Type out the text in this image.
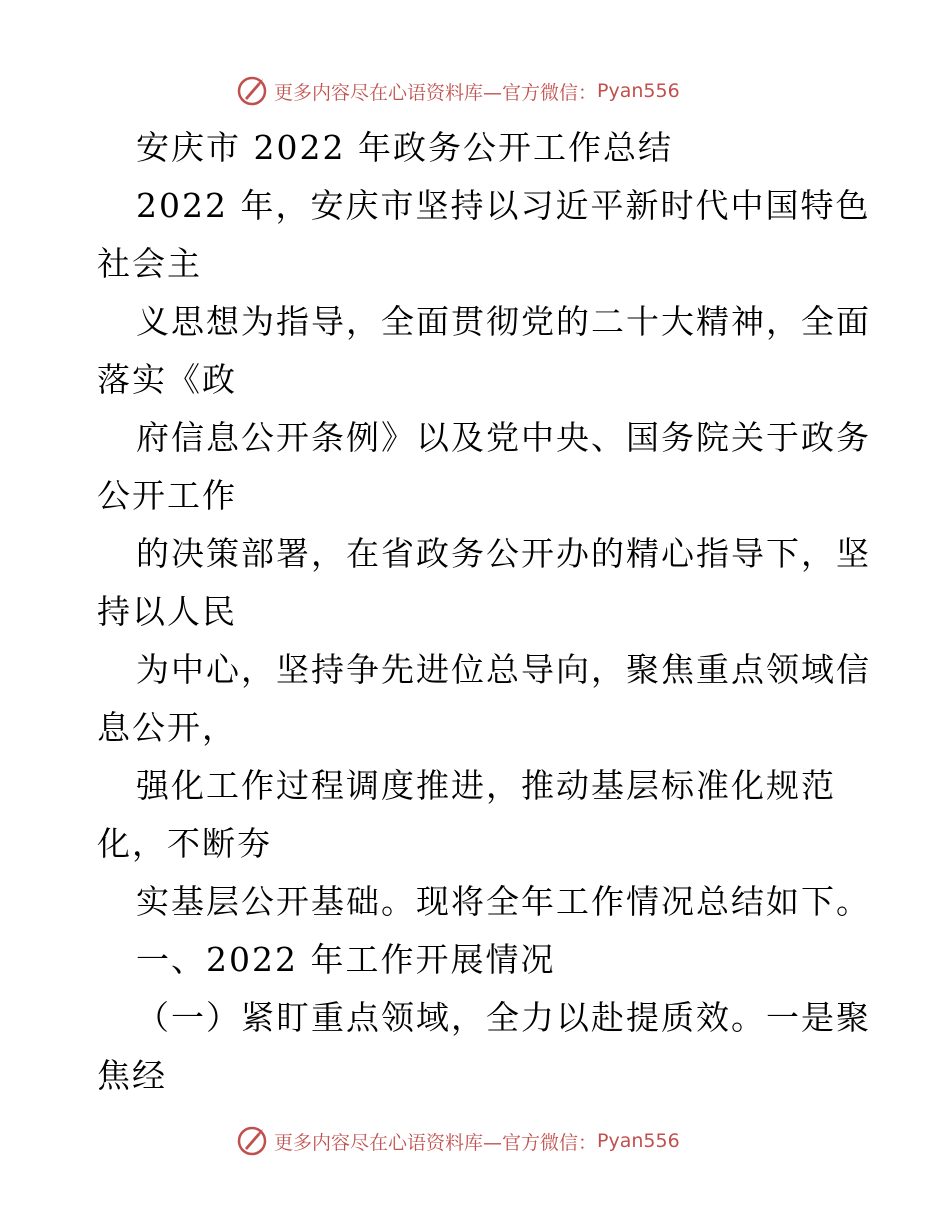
更多内容尽在心语资料库—官方微信： Pyan556
安庆市 2022 年政务公开工作总结
2022 年，安庆市坚持以习近平新时代中国特色
社会主
义思想为指导，全面贯彻党的二十大精神，全面
落实《政
府信息公开条例》以及党中央、国务院关于政务
公开工作
的决策部署，在省政务公开办的精心指导下，坚
持以人民
为中心，坚持争先进位总导向，聚焦重点领域信
息公开，
强化工作过程调度推进，推动基层标准化规范
化，不断夯
实基层公开基础。现将全年工作情况总结如下。
一、2022 年工作开展情况
（一）紧盯重点领域，全力以赴提质效。一是聚
焦经
更多内容尽在心语资料库—官方微信： Pyan556
